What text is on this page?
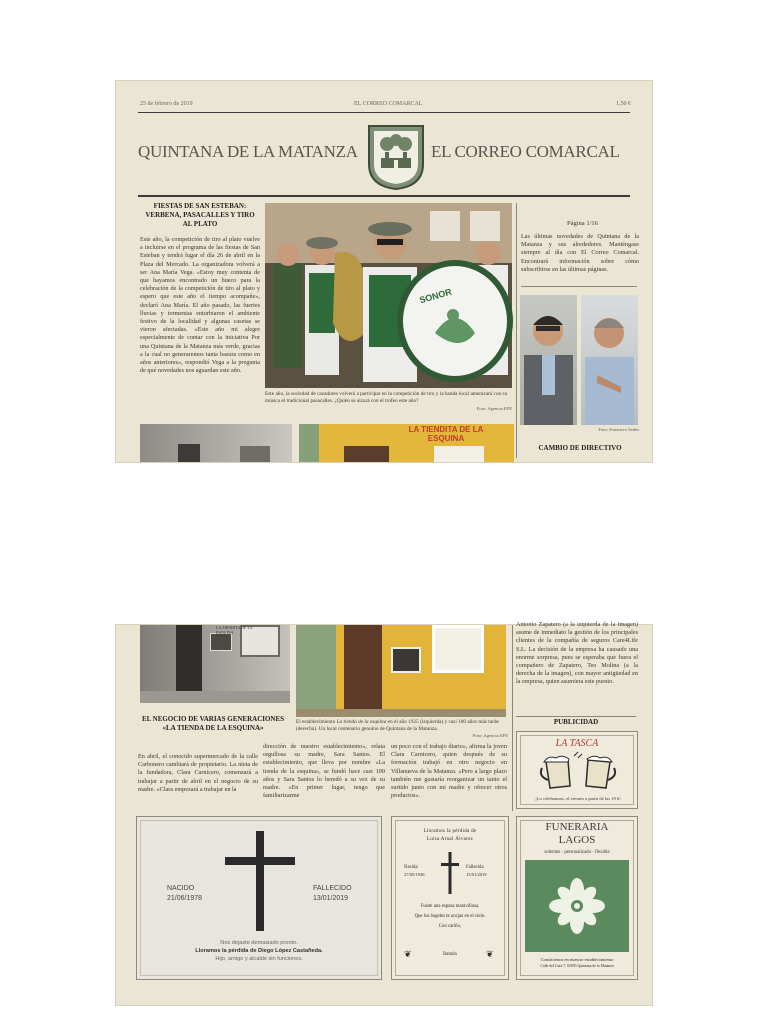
25 de febrero de 2019	EL CORREO COMARCAL	1,50 €
QUINTANA DE LA MATANZA	EL CORREO COMARCAL
FIESTAS DE SAN ESTEBAN: VERBENA, PASACALLES Y TIRO AL PLATO
Este año, la competición de tiro al plato vuelve a incluirse en el programa de las fiestas de San Esteban y tendrá lugar el día 26 de abril en la Plaza del Mercado. La organizadora volverá a ser Ana María Vega. «Estoy muy contenta de que hayamos encontrado un hueco para la celebración de la competición de tiro al plato y espero que este año el tiempo acompañe», declaró Ana María. El año pasado, las fuertes lluvias y tormentas enturbiaron el ambiente festivo de la localidad y algunas casetas se vieron afectadas. «Este año mi alegre especialmente de contar con la iniciativa Por una Quintana de la Matanza más verde, gracias a la cual no generaremos tanta basura como en años anteriores», respondió Vega a la pregunta de qué novedades nos aguardan este año.
SONOR
Este año, la sociedad de cazadores volverá a participar en la competición de tiro y la banda local amenizará con su música el tradicional pasacalles. ¿Quién se alzará con el trofeo este año?
Foto: Agencia EFE
Página 1/16
Las últimas novedades de Quintana de la Matanza y sus alrededores. Manténgase siempre al día con El Correo Comarcal. Encontrará información sobre cómo subscribirse en las últimas páginas.
Foto: Francisco Sedes
CAMBIO DE DIRECTIVO
LA TIENDITA DE LA ESQUINA
LA TIENDITA DE LA ESQUINA
Antonio Zapatero (a la izquierda de la imagen) asume de inmediato la gestión de los principales clientes de la compañía de seguros Care4Life S.L. La decisión de la empresa ha causado una enorme sorpresa, pues se esperaba que fuera el compañero de Zapatero, Teo Molina (a la derecha de la imagen), con mayor antigüedad en la empresa, quien asumiera este puesto.
PUBLICIDAD
EL NEGOCIO DE VARIAS GENERACIONES «LA TIENDA DE LA ESQUINA»
El establecimiento La tienda de la esquina en el año 1925 (izquierda) y casi 100 años más tarde (derecha). Un local centenario genuino de Quintana de la Matanza.
Foto: Agencia EFE
En abril, el conocido supermercado de la calle Carbonero cambiará de propietario. La nieta de la fundadora, Clara Carnicero, comenzará a trabajar a partir de abril en el negocio de su madre. «Clara empezará a trabajar en la
dirección de nuestro establecimiento», relata orgullosa su madre, Sara Santos. El establecimiento, que lleva por nombre «La tienda de la esquina», se fundó hace casi 100 años y Sara Santos lo heredó a su vez de su madre. «En primer lugar, tengo que familiarizarme
un poco con el trabajo diario», afirma la joven Clara Carnicero, quien después de su formación trabajó en otro negocio en Villanueva de la Matanza. «Pero a largo plazo también me gustaría reorganizar un tanto el surtido junto con mi madre y ofrecer otros productos».
LA TASCA
¡Lo celebramos, el viernes a partir de las 19 h!
NACIDO
21/06/1978
FALLECIDO
13/01/2019
Nos dejaste demasiado pronto.
Lloramos la pérdida de Diego López Castañeda.
Hijo, amigo y alcalde sin funciones.
Lloramos la pérdida de
Luisa Arnal Álvarez
Nacida
27/05/1936
Fallecida
15/01/2019
Fuiste una esposa maravillosa.
Que los ángeles te acojan en el cielo.
Con cariño,
❦	Ramón	❦
FUNERARIA
LAGOS
solemne · personalizado · flexible
Contáctenos en nuestro establecimiento
Calle del Cura 7, 02003 Quintana de la Matanza
